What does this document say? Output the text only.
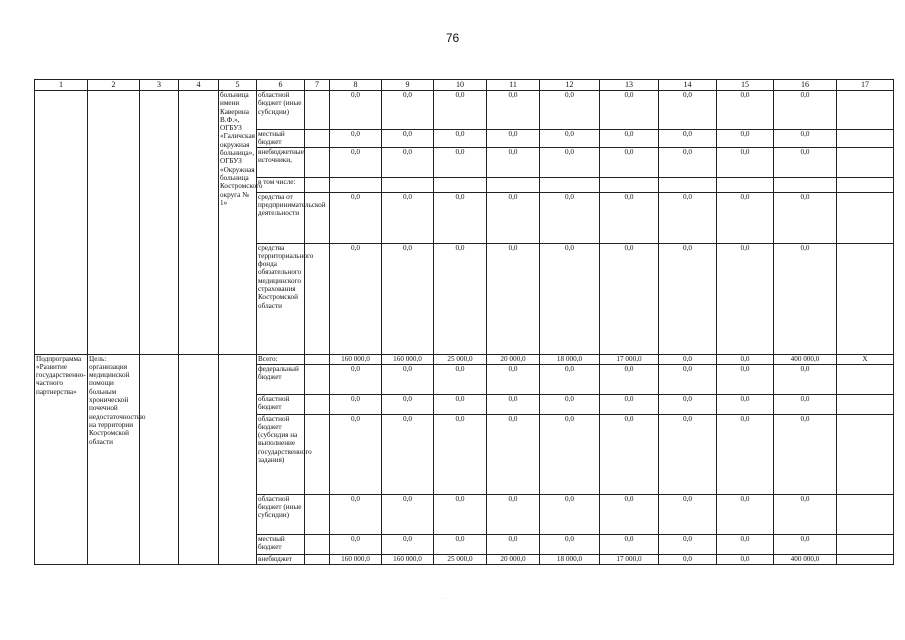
76
1	2	3	4	5	6	7	8	9	10	11	12	13	14	15	16	17
				больница имени Каверина В.Ф.», ОГБУЗ «Галичская окружная больница», ОГБУЗ «Окружная больница Костромского округа № 1»	областной бюджет (иные субсидии)		0,0	0,0	0,0	0,0	0,0	0,0	0,0	0,0	0,0	
					местный бюджет		0,0	0,0	0,0	0,0	0,0	0,0	0,0	0,0	0,0	
					внебюджетные источники,		0,0	0,0	0,0	0,0	0,0	0,0	0,0	0,0	0,0	
					в том числе:											
					средства от предпринимательской деятельности		0,0	0,0	0,0	0,0	0,0	0,0	0,0	0,0	0,0	
					средства территориального фонда обязательного медицинского страхования Костромской области		0,0	0,0	0,0	0,0	0,0	0,0	0,0	0,0	0,0	
Подпрограмма «Развитие государственно-частного партнерства»	Цель: организация медицинской помощи больным хронической почечной недостаточностью на территории Костромской области				Всего:		160 000,0	160 000,0	25 000,0	20 000,0	18 000,0	17 000,0	0,0	0,0	400 000,0	X
					федеральный бюджет		0,0	0,0	0,0	0,0	0,0	0,0	0,0	0,0	0,0	
					областной бюджет		0,0	0,0	0,0	0,0	0,0	0,0	0,0	0,0	0,0	
					областной бюджет (субсидия на выполнение государственного задания)		0,0	0,0	0,0	0,0	0,0	0,0	0,0	0,0	0,0	
					областной бюджет (иные субсидии)		0,0	0,0	0,0	0,0	0,0	0,0	0,0	0,0	0,0	
					местный бюджет		0,0	0,0	0,0	0,0	0,0	0,0	0,0	0,0	0,0	
					внебюджет		160 000,0	160 000,0	25 000,0	20 000,0	18 000,0	17 000,0	0,0	0,0	400 000,0	
· ·
